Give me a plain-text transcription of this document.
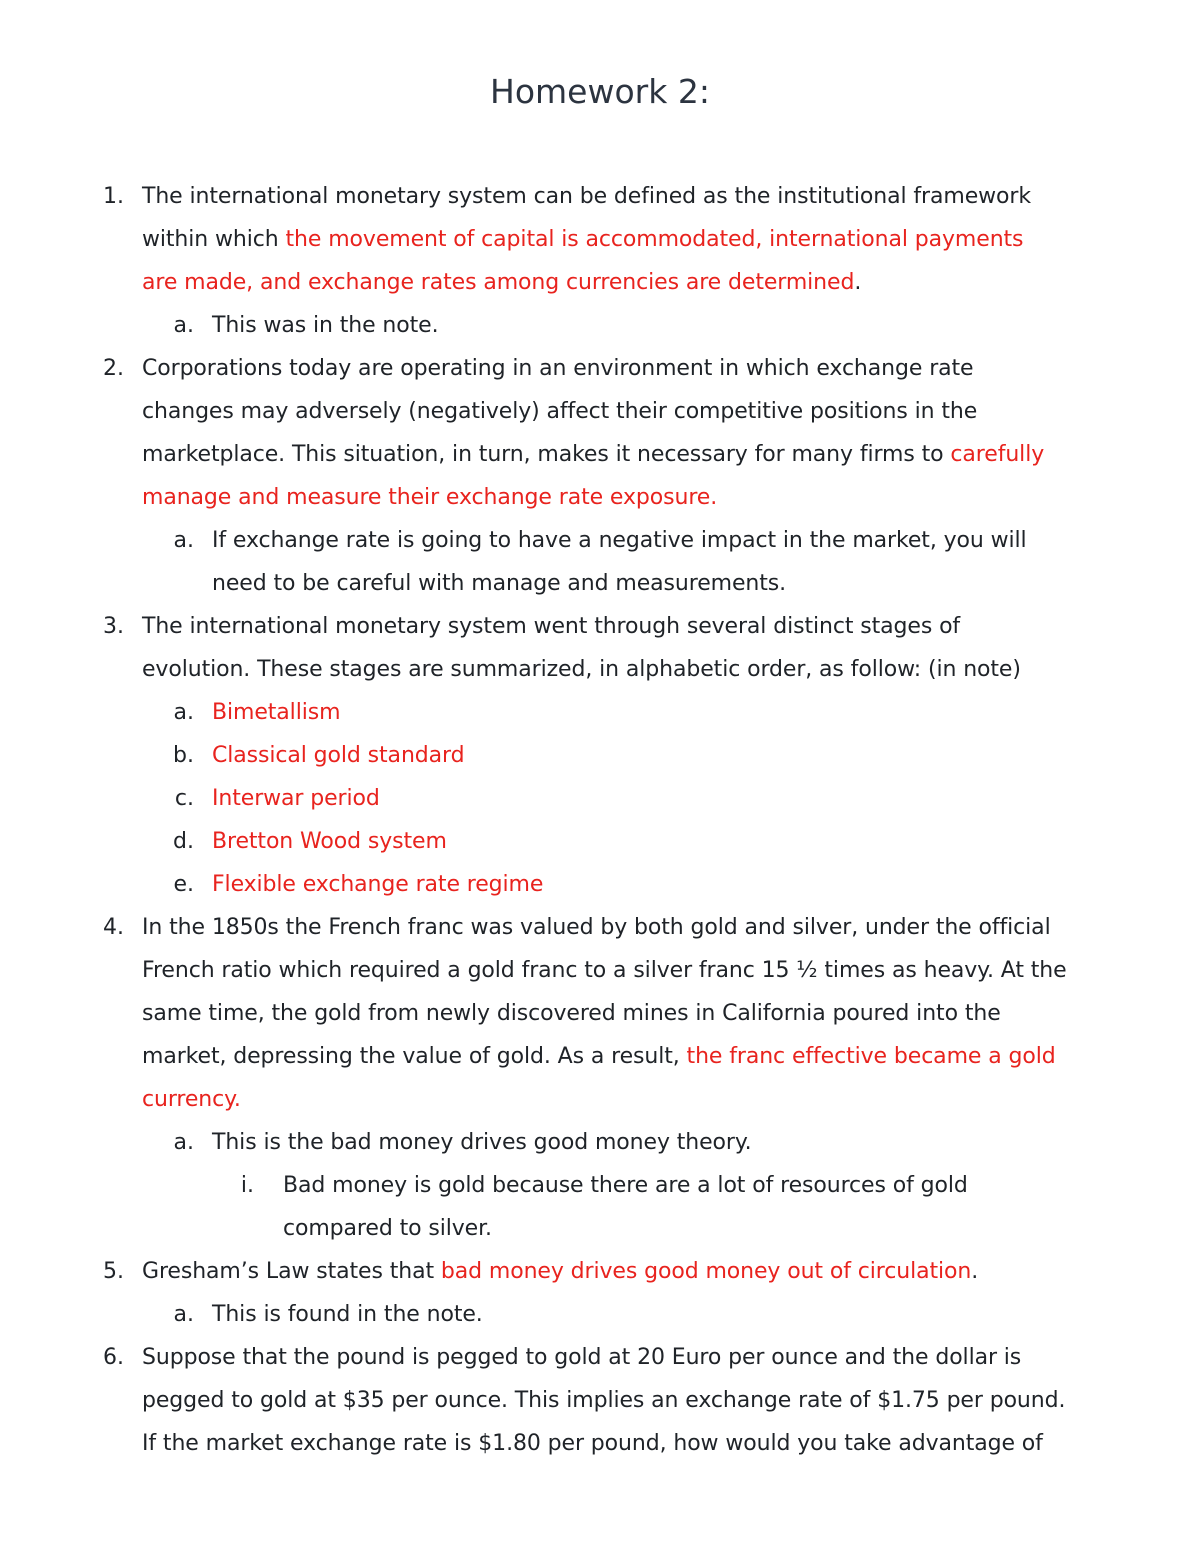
Homework 2:
1. The international monetary system can be defined as the institutional framework
within which the movement of capital is accommodated, international payments
are made, and exchange rates among currencies are determined.
a. This was in the note.
2. Corporations today are operating in an environment in which exchange rate
changes may adversely (negatively) affect their competitive positions in the
marketplace. This situation, in turn, makes it necessary for many firms to carefully
manage and measure their exchange rate exposure.
a. If exchange rate is going to have a negative impact in the market, you will
need to be careful with manage and measurements.
3. The international monetary system went through several distinct stages of
evolution. These stages are summarized, in alphabetic order, as follow: (in note)
a. Bimetallism
b. Classical gold standard
c. Interwar period
d. Bretton Wood system
e. Flexible exchange rate regime
4. In the 1850s the French franc was valued by both gold and silver, under the official
French ratio which required a gold franc to a silver franc 15 ½ times as heavy. At the
same time, the gold from newly discovered mines in California poured into the
market, depressing the value of gold. As a result, the franc effective became a gold
currency.
a. This is the bad money drives good money theory.
i. Bad money is gold because there are a lot of resources of gold
compared to silver.
5. Gresham’s Law states that bad money drives good money out of circulation.
a. This is found in the note.
6. Suppose that the pound is pegged to gold at 20 Euro per ounce and the dollar is
pegged to gold at $35 per ounce. This implies an exchange rate of $1.75 per pound.
If the market exchange rate is $1.80 per pound, how would you take advantage of
